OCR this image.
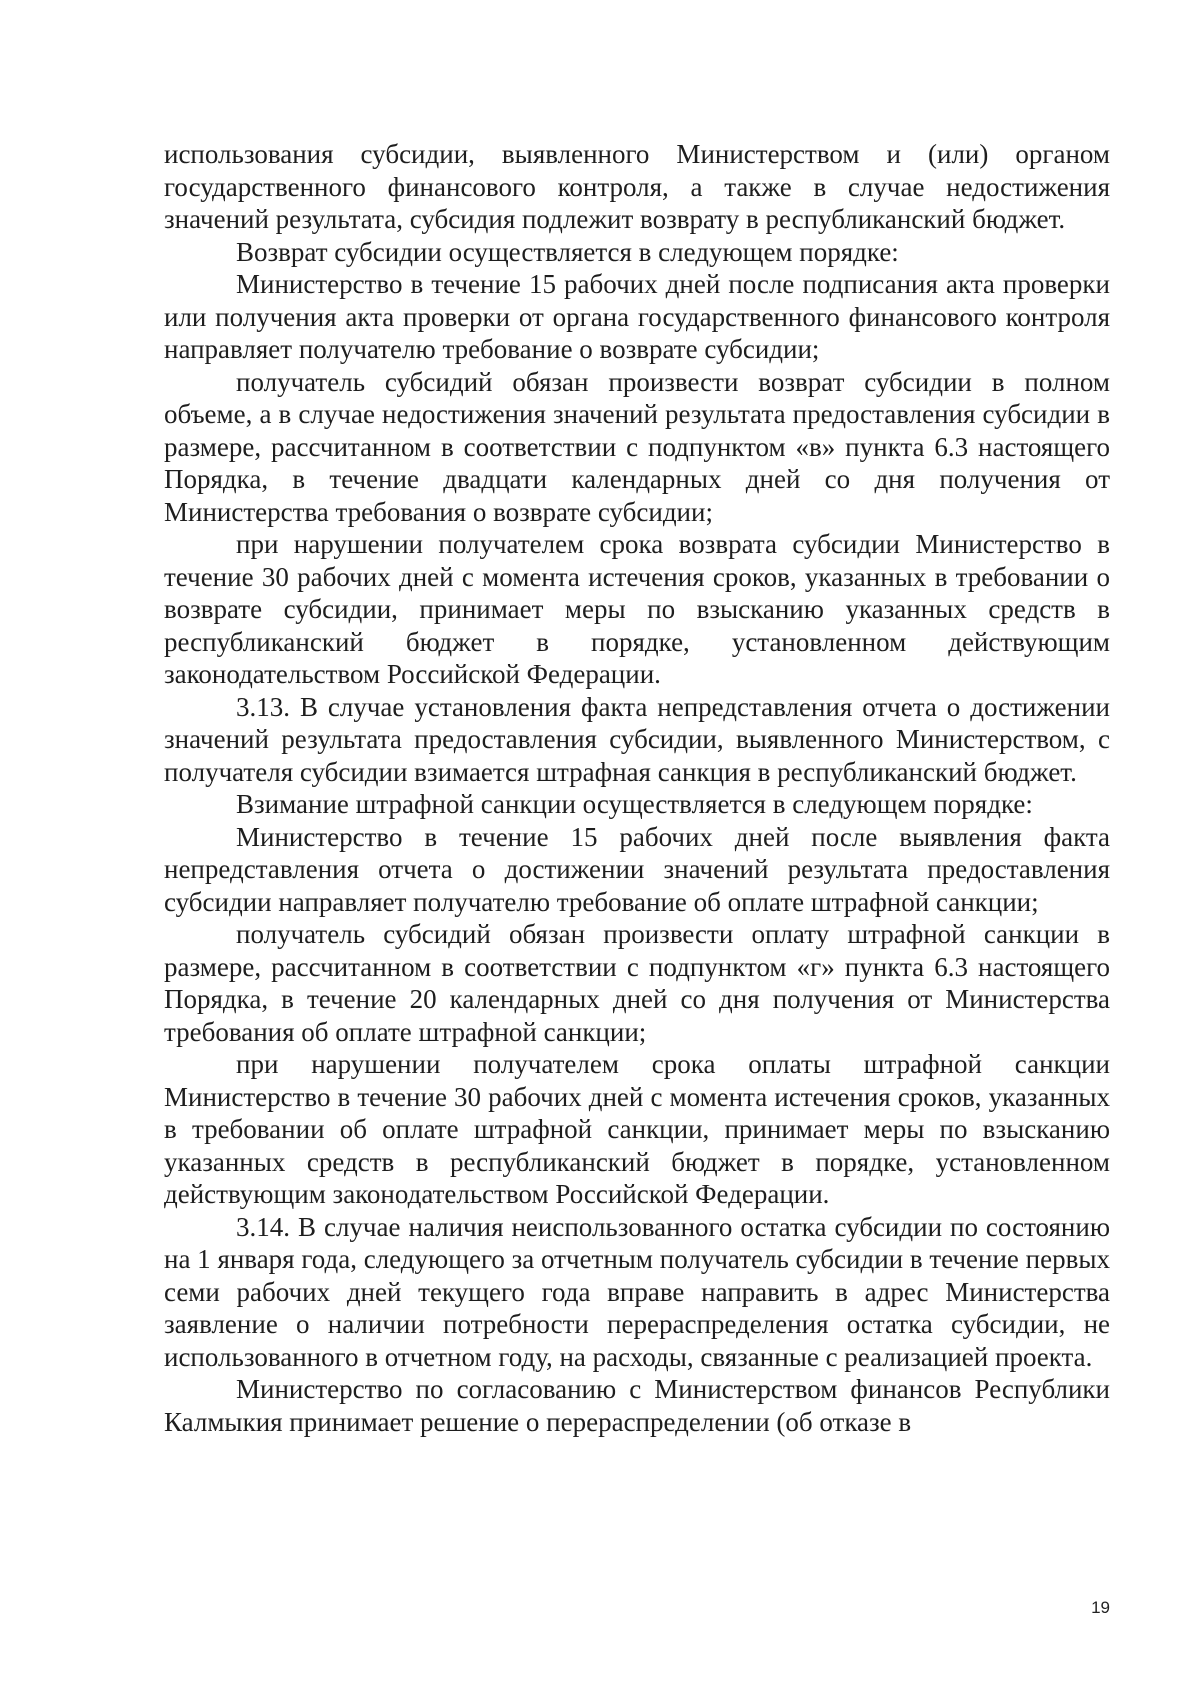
использования субсидии, выявленного Министерством и (или) органом государственного финансового контроля, а также в случае недостижения значений результата, субсидия подлежит возврату в республиканский бюджет.

Возврат субсидии осуществляется в следующем порядке:

Министерство в течение 15 рабочих дней после подписания акта проверки или получения акта проверки от органа государственного финансового контроля направляет получателю требование о возврате субсидии;

получатель субсидий обязан произвести возврат субсидии в полном объеме, а в случае недостижения значений результата предоставления субсидии в размере, рассчитанном в соответствии с подпунктом «в» пункта 6.3 настоящего Порядка, в течение двадцати календарных дней со дня получения от Министерства требования о возврате субсидии;

при нарушении получателем срока возврата субсидии Министерство в течение 30 рабочих дней с момента истечения сроков, указанных в требовании о возврате субсидии, принимает меры по взысканию указанных средств в республиканский бюджет в порядке, установленном действующим законодательством Российской Федерации.

3.13. В случае установления факта непредставления отчета о достижении значений результата предоставления субсидии, выявленного Министерством, с получателя субсидии взимается штрафная санкция в республиканский бюджет.

Взимание штрафной санкции осуществляется в следующем порядке:

Министерство в течение 15 рабочих дней после выявления факта непредставления отчета о достижении значений результата предоставления субсидии направляет получателю требование об оплате штрафной санкции;

получатель субсидий обязан произвести оплату штрафной санкции в размере, рассчитанном в соответствии с подпунктом «г» пункта 6.3 настоящего Порядка, в течение 20 календарных дней со дня получения от Министерства требования об оплате штрафной санкции;

при нарушении получателем срока оплаты штрафной санкции Министерство в течение 30 рабочих дней с момента истечения сроков, указанных в требовании об оплате штрафной санкции, принимает меры по взысканию указанных средств в республиканский бюджет в порядке, установленном действующим законодательством Российской Федерации.

3.14. В случае наличия неиспользованного остатка субсидии по состоянию на 1 января года, следующего за отчетным получатель субсидии в течение первых семи рабочих дней текущего года вправе направить в адрес Министерства заявление о наличии потребности перераспределения остатка субсидии, не использованного в отчетном году, на расходы, связанные с реализацией проекта.

Министерство по согласованию с Министерством финансов Республики Калмыкия принимает решение о перераспределении (об отказе в

19
